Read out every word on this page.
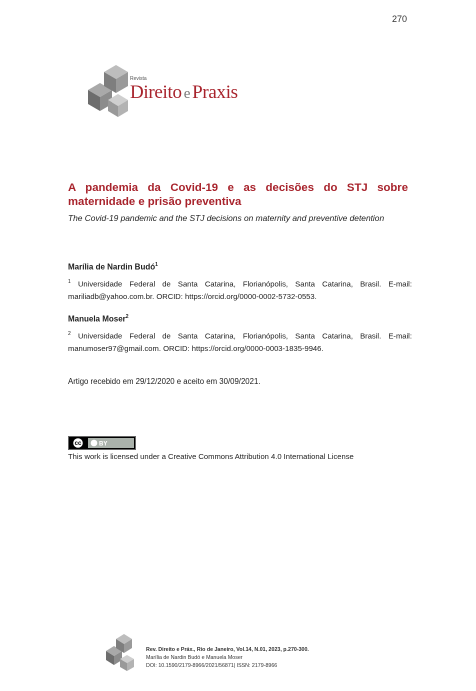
270
Revista
Direito e Praxis
A pandemia da Covid-19 e as decisões do STJ sobre maternidade e prisão preventiva
The Covid-19 pandemic and the STJ decisions on maternity and preventive detention
Marília de Nardin Budó$^1$
$^1$ Universidade Federal de Santa Catarina, Florianópolis, Santa Catarina, Brasil. E-mail: mariliadb@yahoo.com.br. ORCID: https://orcid.org/0000-0002-5732-0553.
Manuela Moser$^2$
$^2$ Universidade Federal de Santa Catarina, Florianópolis, Santa Catarina, Brasil. E-mail: manumoser97@gmail.com. ORCID: https://orcid.org/0000-0003-1835-9946.
Artigo recebido em 29/12/2020 e aceito em 30/09/2021.
cc	BY
This work is licensed under a Creative Commons Attribution 4.0 International License
Rev. Direito e Práx., Rio de Janeiro, Vol.14, N.01, 2023, p.270-300.
Marília de Nardin Budó e Manuela Moser
DOI: 10.1590/2179-8966/2021/56871| ISSN: 2179-8966
